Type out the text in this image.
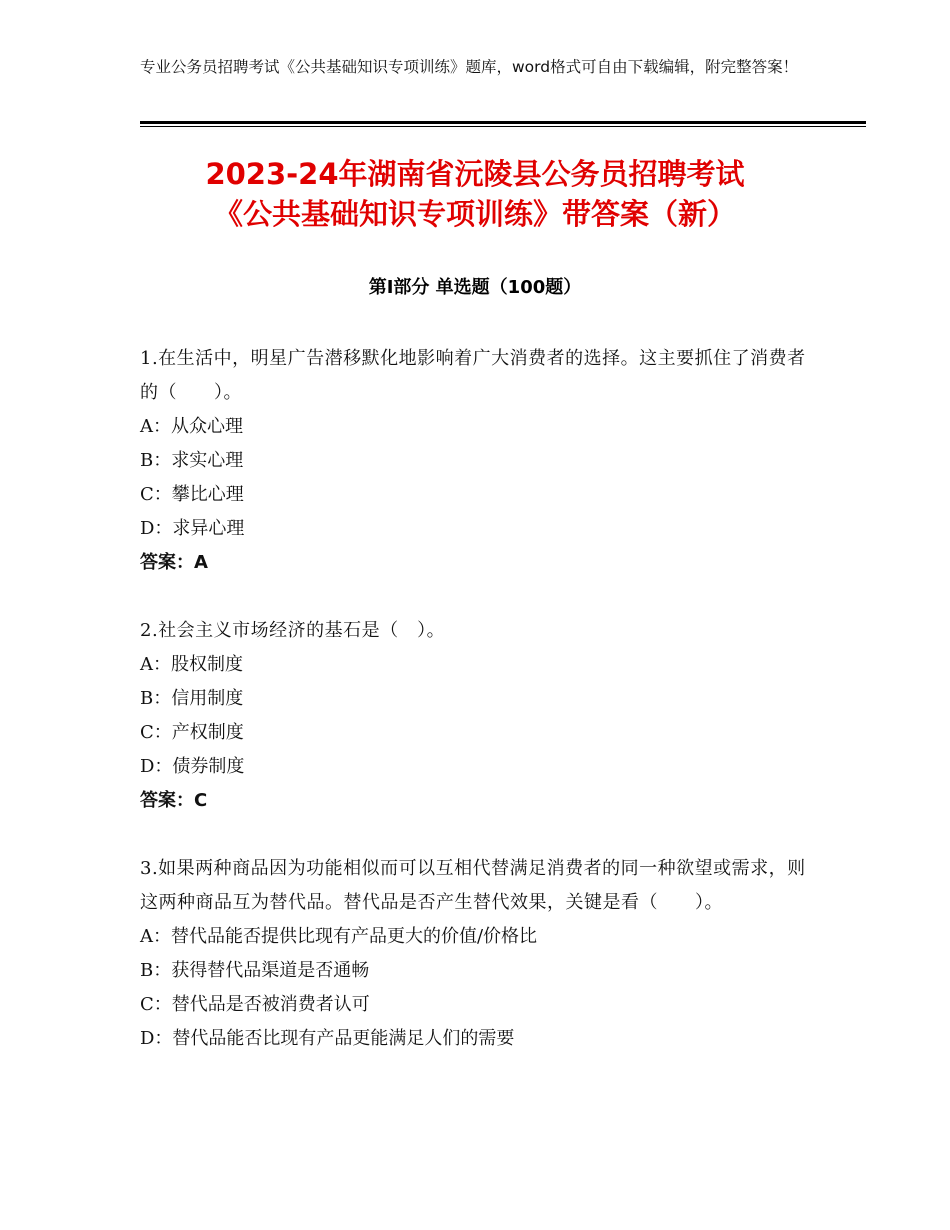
专业公务员招聘考试《公共基础知识专项训练》题库，word格式可自由下载编辑，附完整答案！
2023-24年湖南省沅陵县公务员招聘考试
《公共基础知识专项训练》带答案（新）
第Ⅰ部分 单选题（100题）
1.在生活中，明星广告潜移默化地影响着广大消费者的选择。这主要抓住了消费者的（　　）。
A：从众心理
B：求实心理
C：攀比心理
D：求异心理
答案：A
2.社会主义市场经济的基石是（　）。
A：股权制度
B：信用制度
C：产权制度
D：债券制度
答案：C
3.如果两种商品因为功能相似而可以互相代替满足消费者的同一种欲望或需求，则这两种商品互为替代品。替代品是否产生替代效果，关键是看（　　）。
A：替代品能否提供比现有产品更大的价值/价格比
B：获得替代品渠道是否通畅
C：替代品是否被消费者认可
D：替代品能否比现有产品更能满足人们的需要
